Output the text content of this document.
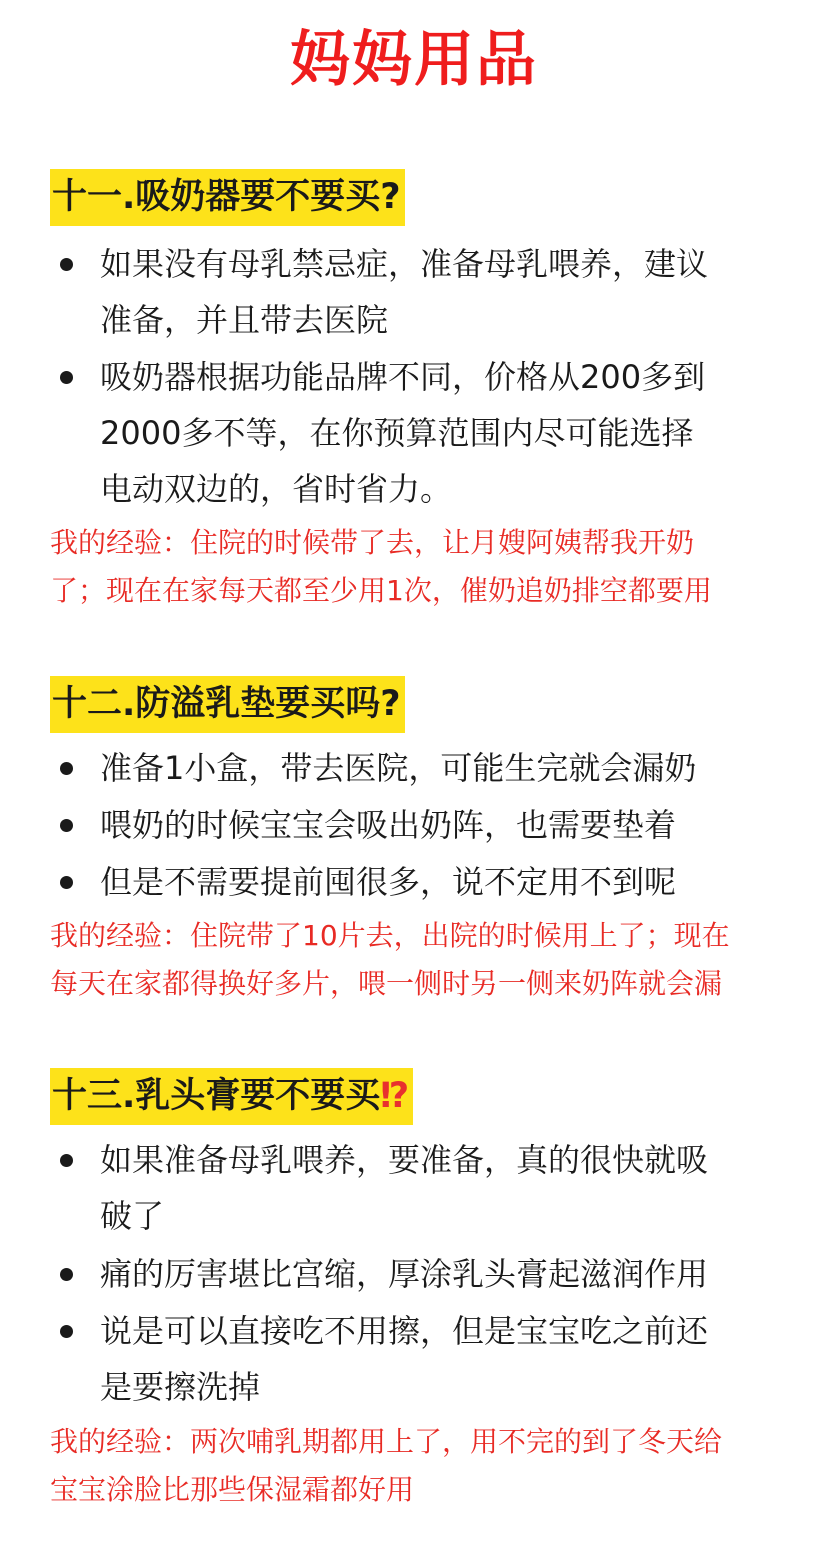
妈妈用品
十一.吸奶器要不要买?
如果没有母乳禁忌症，准备母乳喂养，建议
准备，并且带去医院
吸奶器根据功能品牌不同，价格从200多到
2000多不等，在你预算范围内尽可能选择
电动双边的，省时省力。
我的经验：住院的时候带了去，让月嫂阿姨帮我开奶
了；现在在家每天都至少用1次，催奶追奶排空都要用
十二.防溢乳垫要买吗?
准备1小盒，带去医院，可能生完就会漏奶
喂奶的时候宝宝会吸出奶阵，也需要垫着
但是不需要提前囤很多，说不定用不到呢
我的经验：住院带了10片去，出院的时候用上了；现在
每天在家都得换好多片，喂一侧时另一侧来奶阵就会漏
十三.乳头膏要不要买⁉
如果准备母乳喂养，要准备，真的很快就吸
破了
痛的厉害堪比宫缩，厚涂乳头膏起滋润作用
说是可以直接吃不用擦，但是宝宝吃之前还
是要擦洗掉
我的经验：两次哺乳期都用上了，用不完的到了冬天给
宝宝涂脸比那些保湿霜都好用
